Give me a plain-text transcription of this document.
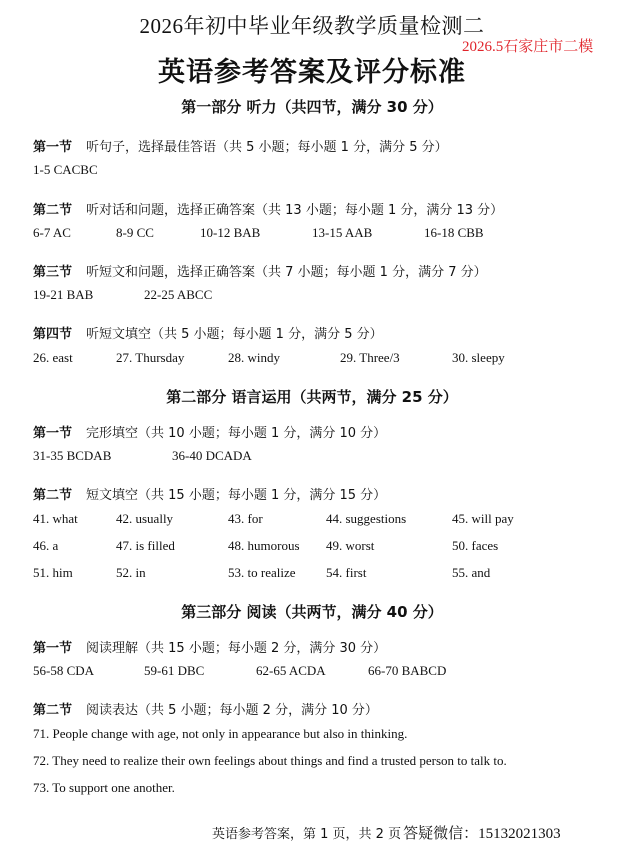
2026年初中毕业年级教学质量检测二
2026.5石家庄市二模
英语参考答案及评分标准
第一部分 听力（共四节，满分 30 分）
第一节 听句子，选择最佳答语（共 5 小题；每小题 1 分，满分 5 分）
1-5 CACBC
第二节 听对话和问题，选择正确答案（共 13 小题；每小题 1 分，满分 13 分）
6-7 AC	8-9 CC	10-12 BAB	13-15 AAB	16-18 CBB
第三节 听短文和问题，选择正确答案（共 7 小题；每小题 1 分，满分 7 分）
19-21 BAB	22-25 ABCC
第四节 听短文填空（共 5 小题；每小题 1 分，满分 5 分）
26. east	27. Thursday	28. windy	29. Three/3	30. sleepy
第二部分 语言运用（共两节，满分 25 分）
第一节 完形填空（共 10 小题；每小题 1 分，满分 10 分）
31-35 BCDAB	36-40 DCADA
第二节 短文填空（共 15 小题；每小题 1 分，满分 15 分）
41. what	42. usually	43. for	44. suggestions	45. will pay
46. a	47. is filled	48. humorous 49. worst	50. faces
51. him	52. in	53. to realize 54. first	55. and
第三部分 阅读（共两节，满分 40 分）
第一节 阅读理解（共 15 小题；每小题 2 分，满分 30 分）
56-58 CDA	59-61 DBC	62-65 ACDA	66-70 BABCD
第二节 阅读表达（共 5 小题；每小题 2 分，满分 10 分）
71. People change with age, not only in appearance but also in thinking.
72. They need to realize their own feelings about things and find a trusted person to talk to.
73. To support one another.
英语参考答案，第 1 页，共 2 页 答疑微信：15132021303
